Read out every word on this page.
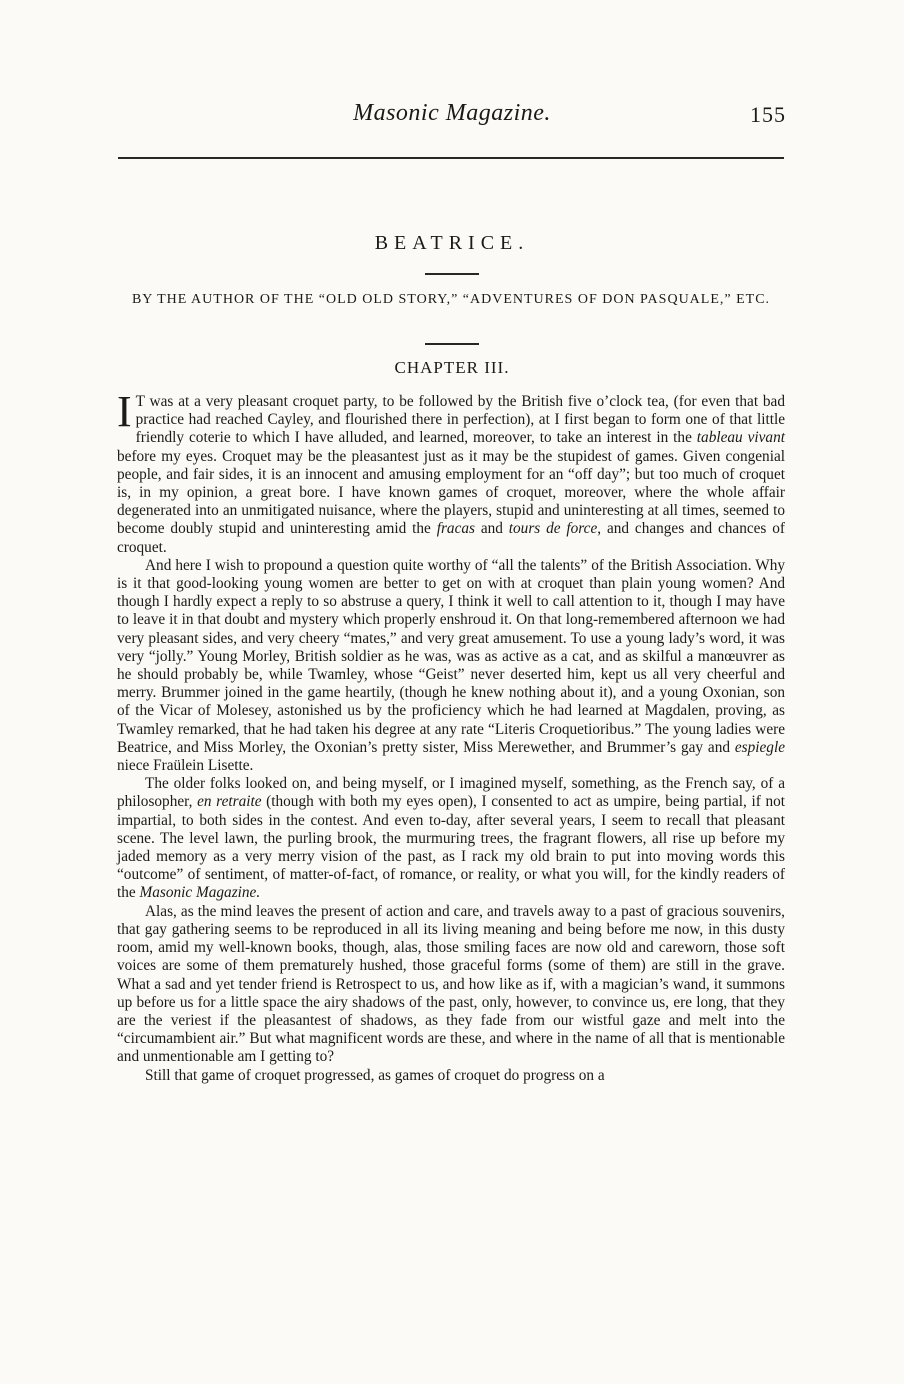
Masonic Magazine.	155
BEATRICE.
BY THE AUTHOR OF THE “OLD OLD STORY,” “ADVENTURES OF DON PASQUALE,” ETC.
CHAPTER III.

I T was at a very pleasant croquet party, to be followed by the British five o’clock tea, (for even that bad practice had reached Cayley, and flourished there in perfection), at I first began to form one of that little friendly coterie to which I have alluded, and learned, moreover, to take an interest in the tableau vivant before my eyes. Croquet may be the pleasantest just as it may be the stupidest of games. Given congenial people, and fair sides, it is an innocent and amusing employment for an “off day”; but too much of croquet is, in my opinion, a great bore. I have known games of croquet, moreover, where the whole affair degenerated into an unmitigated nuisance, where the players, stupid and uninteresting at all times, seemed to become doubly stupid and uninteresting amid the fracas and tours de force, and changes and chances of croquet.

And here I wish to propound a question quite worthy of “all the talents” of the British Association. Why is it that good-looking young women are better to get on with at croquet than plain young women? And though I hardly expect a reply to so abstruse a query, I think it well to call attention to it, though I may have to leave it in that doubt and mystery which properly enshroud it. On that long-remembered afternoon we had very pleasant sides, and very cheery “mates,” and very great amusement. To use a young lady’s word, it was very “jolly.” Young Morley, British soldier as he was, was as active as a cat, and as skilful a manœuvrer as he should probably be, while Twamley, whose “Geist” never deserted him, kept us all very cheerful and merry. Brummer joined in the game heartily, (though he knew nothing about it), and a young Oxonian, son of the Vicar of Molesey, astonished us by the proficiency which he had learned at Magdalen, proving, as Twamley remarked, that he had taken his degree at any rate “Literis Croquetioribus.” The young ladies were Beatrice, and Miss Morley, the Oxonian’s pretty sister, Miss Merewether, and Brummer’s gay and espiegle niece Fraülein Lisette.

The older folks looked on, and being myself, or I imagined myself, something, as the French say, of a philosopher, en retraite (though with both my eyes open), I consented to act as umpire, being partial, if not impartial, to both sides in the contest. And even to-day, after several years, I seem to recall that pleasant scene. The level lawn, the purling brook, the murmuring trees, the fragrant flowers, all rise up before my jaded memory as a very merry vision of the past, as I rack my old brain to put into moving words this “outcome” of sentiment, of matter-of-fact, of romance, or reality, or what you will, for the kindly readers of the Masonic Magazine.

Alas, as the mind leaves the present of action and care, and travels away to a past of gracious souvenirs, that gay gathering seems to be reproduced in all its living meaning and being before me now, in this dusty room, amid my well-known books, though, alas, those smiling faces are now old and careworn, those soft voices are some of them prematurely hushed, those graceful forms (some of them) are still in the grave. What a sad and yet tender friend is Retrospect to us, and how like as if, with a magician’s wand, it summons up before us for a little space the airy shadows of the past, only, however, to convince us, ere long, that they are the veriest if the pleasantest of shadows, as they fade from our wistful gaze and melt into the “circumambient air.” But what magnificent words are these, and where in the name of all that is mentionable and unmentionable am I getting to?

Still that game of croquet progressed, as games of croquet do progress on a
